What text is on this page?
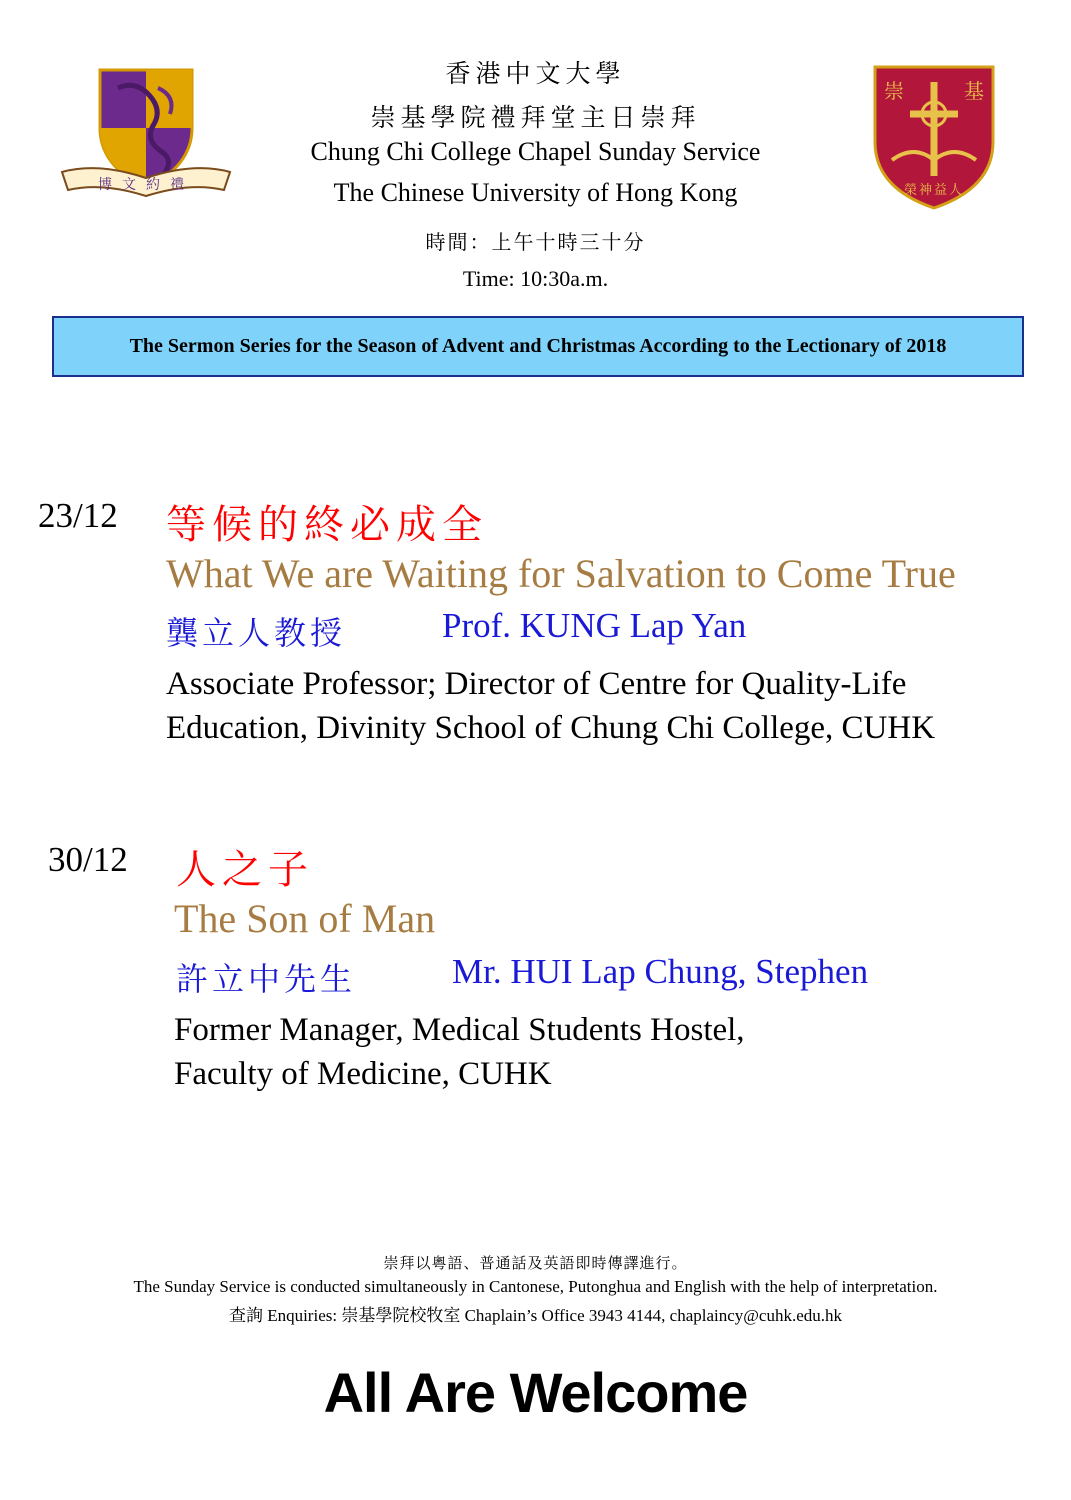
博文約禮
崇	基
榮神益人
香港中文大學
崇基學院禮拜堂主日崇拜
Chung Chi College Chapel Sunday Service
The Chinese University of Hong Kong
時間：上午十時三十分
Time: 10:30a.m.
The Sermon Series for the Season of Advent and Christmas According to the Lectionary of 2018
23/12 等候的終必成全
What We are Waiting for Salvation to Come True
龔立人教授	Prof. KUNG Lap Yan
Associate Professor; Director of Centre for Quality-Life
Education, Divinity School of Chung Chi College, CUHK
30/12 人之子
The Son of Man
許立中先生	Mr. HUI Lap Chung, Stephen
Former Manager, Medical Students Hostel,
Faculty of Medicine, CUHK
崇拜以粵語、普通話及英語即時傳譯進行。
The Sunday Service is conducted simultaneously in Cantonese, Putonghua and English with the help of interpretation.
查詢 Enquiries: 崇基學院校牧室 Chaplain’s Office 3943 4144, chaplaincy@cuhk.edu.hk
All Are Welcome
